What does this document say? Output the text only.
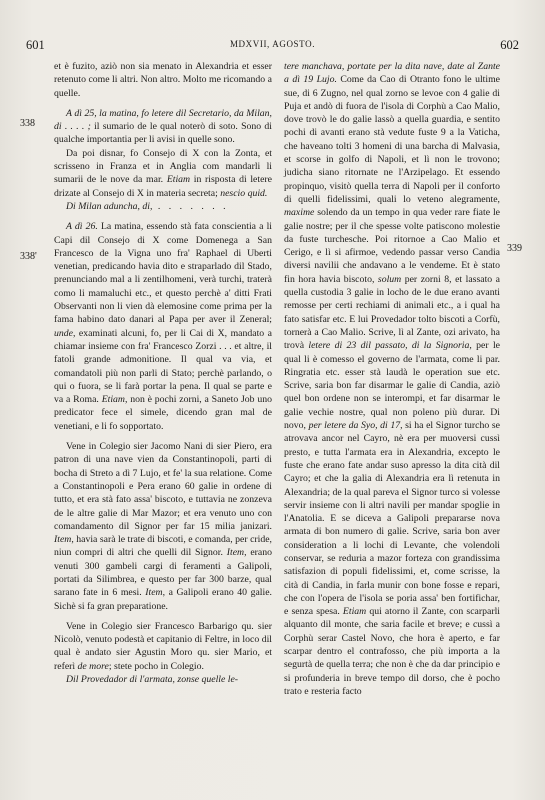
601	MDXVII, AGOSTO.	602
338
338'
339

et è fuzito, aziò non sia menato in Alexandria et esser retenuto come li altri. Non altro. Molto me ricomando a quelle.

A dì 25, la matina, fo letere dil Secretario, da Milan, di . . . . ; il sumario de le qual noterò di soto. Sono di qualche importantia per li avisi in quelle sono.

Da poi disnar, fo Consejo di X con la Zonta, et scrisseno in Franza et in Anglia com mandarli li sumarii de le nove da mar. Etiam in risposta di letere drizate al Consejo di X in materia secreta; nescio quid.

Di Milan aduncha, di, . . . . . . .

A dì 26. La matina, essendo stà fata conscientia a li Capi dil Consejo di X come Domenega a San Francesco de la Vigna uno fra' Raphael di Uberti venetian, predicando havia dito e straparlado dil Stado, prenunciando mal a li zentilhomeni, verà turchi, traterà como li mamaluchi etc., et questo perchè a' ditti Frati Observanti non li vien dà elemosine come prima per la fama habino dato danari al Papa per aver il Zeneral; unde, examinati alcuni, fo, per li Cai di X, mandato a chiamar insieme con fra' Francesco Zorzi . . . et altre, il fatoli grande admonitione. Il qual va via, et comandatoli più non parli di Stato; perchè parlando, o qui o fuora, se li farà portar la pena. Il qual se parte e va a Roma. Etiam, non è pochi zorni, a Saneto Job uno predicator fece el simele, dicendo gran mal de venetiani, e li fo sopportato.

Vene in Colegio sier Jacomo Nani di sier Piero, era patron di una nave vien da Constantinopoli, parti di bocha di Streto a dì 7 Lujo, et fe' la sua relatione. Come a Constantinopoli e Pera erano 60 galie in ordene di tutto, et era stà fato assa' biscoto, e tuttavia ne zonzeva de le altre galie di Mar Mazor; et era venuto uno con comandamento dil Signor per far 15 milia janizari. Item, havia sarà le trate di biscoti, e comanda, per cride, niun compri di altri che quelli dil Signor. Item, erano venuti 300 gambeli cargi di feramenti a Galipoli, portati da Silimbrea, e questo per far 300 barze, qual sarano fate in 6 mesi. Item, a Galipoli erano 40 galie. Sichè si fa gran preparatione.

Vene in Colegio sier Francesco Barbarigo qu. sier Nicolò, venuto podestà et capitanio di Feltre, in loco dil qual è andato sier Agustin Moro qu. sier Mario, et referì de more; stete pocho in Colegio.

Dil Provedador di l'armata, zonse quelle le-

tere manchava, portate per la dita nave, date al Zante a dì 19 Lujo. Come da Cao di Otranto fono le ultime sue, di 6 Zugno, nel qual zorno se levoe con 4 galie di Puja et andò di fuora de l'isola di Corphù a Cao Malio, dove trovò le do galie lassò a quella guardia, e sentito pochi di avanti erano stà vedute fuste 9 a la Vaticha, che haveano tolti 3 homeni di una barcha di Malvasia, et scorse in golfo di Napoli, et lì non le trovono; judicha siano ritornate ne l'Arzipelago. Et essendo propinquo, visitò quella terra di Napoli per il conforto di quelli fidelissimi, quali lo veteno alegramente, maxime solendo da un tempo in qua veder rare fiate le galie nostre; per il che spesse volte patiscono molestie da fuste turchesche. Poi ritornoe a Cao Malio et Cerigo, e lì si afirmoe, vedendo passar verso Candia diversi navilii che andavano a le vendeme. Et è stato fin hora havia biscoto, solum per zorni 8, et lassato a quella custodia 3 galie in locho de le due erano avanti remosse per certi rechiami di animali etc., a i qual ha fato satisfar etc. E lui Provedador tolto biscoti a Corfù, tornerà a Cao Malio. Scrive, lì al Zante, ozi arivato, ha trovà letere di 23 dil passato, di la Signoria, per le qual li è comesso el governo de l'armata, come li par. Ringratia etc. esser stà laudà le operation sue etc. Scrive, saria bon far disarmar le galie di Candia, aziò quel bon ordene non se interompi, et far disarmar le galie vechie nostre, qual non poleno più durar. Di novo, per letere da Syo, di 17, si ha el Signor turcho se atrovava ancor nel Cayro, nè era per muoversi cussì presto, e tutta l'armata era in Alexandria, excepto le fuste che erano fate andar suso apresso la dita cità dil Cayro; et che la galia di Alexandria era lì retenuta in Alexandria; de la qual pareva el Signor turco si volesse servir insieme con li altri navili per mandar spoglie in l'Anatolia. E se diceva a Galipoli prepararse nova armata di bon numero di galie. Scrive, saria bon aver consideration a li lochi di Levante, che volendoli conservar, se reduria a mazor forteza con grandissima satisfazion di populi fidelissimi, et, come scrisse, la cità di Candia, in farla munir con bone fosse e repari, che con l'opera de l'isola se poria assa' ben fortifichar, e senza spesa. Etiam qui atorno il Zante, con scarparli alquanto dil monte, che saria facile et breve; e cussì a Corphù serar Castel Novo, che hora è aperto, e far scarpar dentro el contrafosso, che più importa a la segurtà de quella terra; che non è che da dar principio e si profunderia in breve tempo dil dorso, che è pocho trato e resteria facto
